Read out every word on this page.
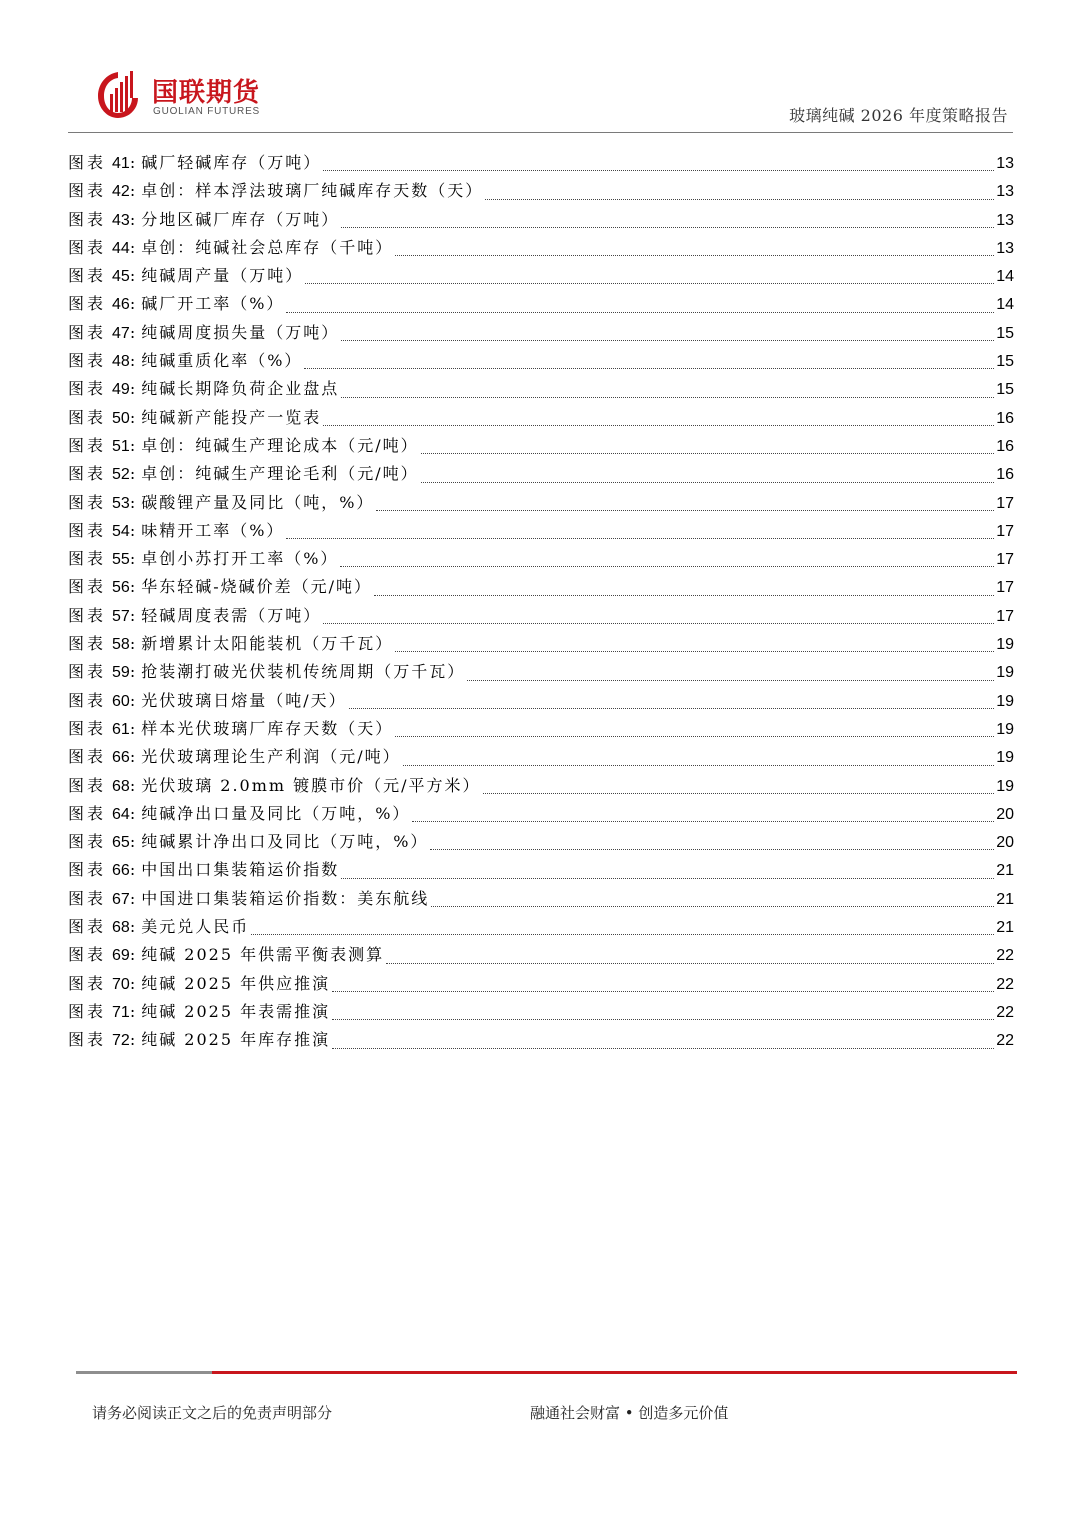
国联期货
GUOLIAN FUTURES	玻璃纯碱 2026 年度策略报告
图表 41 : 碱厂轻碱库存（万吨）	13
图表 42 : 卓创：样本浮法玻璃厂纯碱库存天数（天）	13
图表 43 : 分地区碱厂库存（万吨）	13
图表 44 : 卓创：纯碱社会总库存（千吨）	13
图表 45 : 纯碱周产量（万吨）	14
图表 46 : 碱厂开工率（%）	14
图表 47 : 纯碱周度损失量（万吨）	15
图表 48 : 纯碱重质化率（%）	15
图表 49 : 纯碱长期降负荷企业盘点	15
图表 50 : 纯碱新产能投产一览表	16
图表 51 : 卓创：纯碱生产理论成本（元/吨）	16
图表 52 : 卓创：纯碱生产理论毛利（元/吨）	16
图表 53 : 碳酸锂产量及同比（吨，%）	17
图表 54 : 味精开工率（%）	17
图表 55 : 卓创小苏打开工率（%）	17
图表 56 : 华东轻碱-烧碱价差（元/吨）	17
图表 57 : 轻碱周度表需（万吨）	17
图表 58 : 新增累计太阳能装机（万千瓦）	19
图表 59 : 抢装潮打破光伏装机传统周期（万千瓦）	19
图表 60 : 光伏玻璃日熔量（吨/天）	19
图表 61 : 样本光伏玻璃厂库存天数（天）	19
图表 66 : 光伏玻璃理论生产利润（元/吨）	19
图表 68 : 光伏玻璃 2.0mm 镀膜市价（元/平方米）	19
图表 64 : 纯碱净出口量及同比（万吨，%）	20
图表 65 : 纯碱累计净出口及同比（万吨，%）	20
图表 66 : 中国出口集装箱运价指数	21
图表 67 : 中国进口集装箱运价指数：美东航线	21
图表 68 : 美元兑人民币	21
图表 69 : 纯碱 2025 年供需平衡表测算	22
图表 70 : 纯碱 2025 年供应推演	22
图表 71 : 纯碱 2025 年表需推演	22
图表 72 : 纯碱 2025 年库存推演	22
请务必阅读正文之后的免责声明部分	融通社会财富 • 创造多元价值
